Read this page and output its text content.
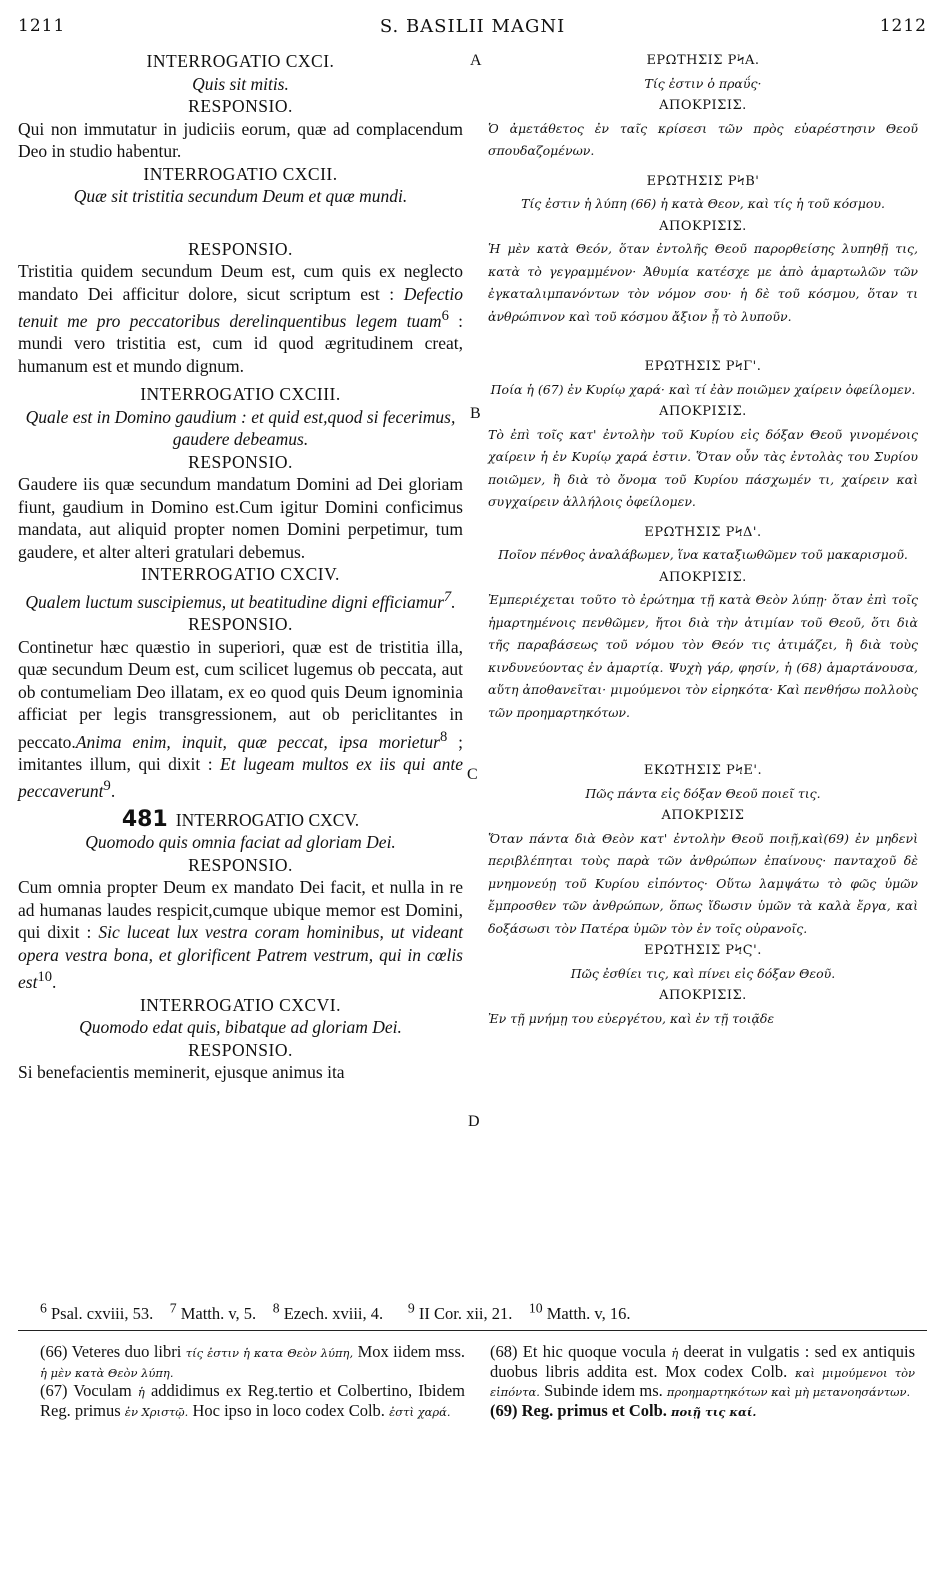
1211	S. BASILII MAGNI	1212
A
B
C
D

INTERROGATIO CXCI.

Quis sit mitis.

RESPONSIO.

Qui non immutatur in judiciis eorum, quæ ad complacendum Deo in studio habentur.

INTERROGATIO CXCII.

Quæ sit tristitia secundum Deum et quæ mundi.

RESPONSIO.

Tristitia quidem secundum Deum est, cum quis ex neglecto mandato Dei afficitur dolore, sicut scriptum est : Defectio tenuit me pro peccatoribus derelinquentibus legem tuam$^6$ : mundi vero tristitia est, cum id quod ægritudinem creat, humanum est et mundo dignum.

INTERROGATIO CXCIII.

Quale est in Domino gaudium : et quid est,quod si fecerimus, gaudere debeamus.

RESPONSIO.

Gaudere iis quæ secundum mandatum Domini ad Dei gloriam fiunt, gaudium in Domino est.Cum igitur Domini conficimus mandata, aut aliquid propter nomen Domini perpetimur, tum gaudere, et alter alteri gratulari debemus.

INTERROGATIO CXCIV.

Qualem luctum suscipiemus, ut beatitudine digni efficiamur$^7$.

RESPONSIO.

Continetur hæc quæstio in superiori, quæ est de tristitia illa, quæ secundum Deum est, cum scilicet lugemus ob peccata, aut ob contumeliam Deo illatam, ex eo quod quis Deum ignominia afficiat per legis transgressionem, aut ob periclitantes in peccato.Anima enim, inquit, quæ peccat, ipsa morietur$^8$ ; imitantes illum, qui dixit : Et lugeam multos ex iis qui ante peccaverunt$^9$.

481 INTERROGATIO CXCV.

Quomodo quis omnia faciat ad gloriam Dei.

RESPONSIO.

Cum omnia propter Deum ex mandato Dei facit, et nulla in re ad humanas laudes respicit,cumque ubique memor est Domini, qui dixit : Sic luceat lux vestra coram hominibus, ut videant opera vestra bona, et glorificent Patrem vestrum, qui in cœlis est$^{10}$.

INTERROGATIO CXCVI.

Quomodo edat quis, bibatque ad gloriam Dei.

RESPONSIO.

Si benefacientis meminerit, ejusque animus ita

ΕΡΩΤΗΣΙΣ ΡϞΑ.

Τίς ἐστιν ὁ πραΰς·

ΑΠΟΚΡΙΣΙΣ.

Ὁ ἀμετάθετος ἐν ταῖς κρίσεσι τῶν πρὸς εὐαρέστησιν Θεοῦ σπουδαζομένων.

ΕΡΩΤΗΣΙΣ ΡϞΒ'

Τίς ἐστιν ἡ λύπη (66) ἡ κατὰ Θεον, καὶ τίς ἡ τοῦ κόσμου.

ΑΠΟΚΡΙΣΙΣ.

Ἡ μὲν κατὰ Θεόν, ὅταν ἐντολῆς Θεοῦ παρορθείσης λυπηθῇ τις, κατὰ τὸ γεγραμμένον· Ἀθυμία κατέσχε με ἀπὸ ἁμαρτωλῶν τῶν ἐγκαταλιμπανόντων τὸν νόμον σου· ἡ δὲ τοῦ κόσμου, ὅταν τι ἀνθρώπινον καὶ τοῦ κόσμου ἄξιον ᾖ τὸ λυποῦν.

ΕΡΩΤΗΣΙΣ ΡϞΓ'.

Ποία ἡ (67) ἐν Κυρίῳ χαρά· καὶ τί ἐὰν ποιῶμεν χαίρειν ὀφείλομεν.

ΑΠΟΚΡΙΣΙΣ.

Τὸ ἐπὶ τοῖς κατ' ἐντολὴν τοῦ Κυρίου εἰς δόξαν Θεοῦ γινομένοις χαίρειν ἡ ἐν Κυρίῳ χαρά ἐστιν. Ὅταν οὖν τὰς ἐντολὰς του Συρίου ποιῶμεν, ἢ διὰ τὸ ὄνομα τοῦ Κυρίου πάσχωμέν τι, χαίρειν καὶ συγχαίρειν ἀλλήλοις ὀφείλομεν.

ΕΡΩΤΗΣΙΣ ΡϞΔ'.

Ποῖον πένθος ἀναλάβωμεν, ἵνα καταξιωθῶμεν τοῦ μακαρισμοῦ.

ΑΠΟΚΡΙΣΙΣ.

Ἐμπεριέχεται τοῦτο τὸ ἐρώτημα τῇ κατὰ Θεὸν λύπῃ· ὅταν ἐπὶ τοῖς ἡμαρτημένοις πενθῶμεν, ἤτοι διὰ τὴν ἀτιμίαν τοῦ Θεοῦ, ὅτι διὰ τῆς παραβάσεως τοῦ νόμου τὸν Θεόν τις ἀτιμάζει, ἢ διὰ τοὺς κινδυνεύοντας ἐν ἁμαρτίᾳ. Ψυχὴ γάρ, φησίν, ἡ (68) ἁμαρτάνουσα, αὕτη ἀποθανεῖται· μιμούμενοι τὸν εἰρηκότα· Καὶ πενθήσω πολλοὺς τῶν προημαρτηκότων.

ΕΚΩΤΗΣΙΣ ΡϞΕ'.

Πῶς πάντα εἰς δόξαν Θεοῦ ποιεῖ τις.

ΑΠΟΚΡΙΣΙΣ

Ὅταν πάντα διὰ Θεὸν κατ' ἐντολὴν Θεοῦ ποιῇ,καὶ(69) ἐν μηδενὶ περιβλέπηται τοὺς παρὰ τῶν ἀνθρώπων ἐπαίνους· πανταχοῦ δὲ μνημονεύῃ τοῦ Κυρίου εἰπόντος· Οὕτω λαμψάτω τὸ φῶς ὑμῶν ἔμπροσθεν τῶν ἀνθρώπων, ὅπως ἴδωσιν ὑμῶν τὰ καλὰ ἔργα, καὶ δοξάσωσι τὸν Πατέρα ὑμῶν τὸν ἐν τοῖς οὐρανοῖς.

ΕΡΩΤΗΣΙΣ ΡϞϚ'.

Πῶς ἐσθίει τις, καὶ πίνει εἰς δόξαν Θεοῦ.

ΑΠΟΚΡΙΣΙΣ.

Ἐν τῇ μνήμῃ του εὐεργέτου, καὶ ἐν τῇ τοιᾷδε

$^6$ Psal. cxviii, 53. $^7$ Matth. v, 5. $^8$ Ezech. xviii, 4. $^9$ II Cor. xii, 21. $^{10}$ Matth. v, 16.

(66) Veteres duo libri τίς ἐστιν ἡ κατα Θεὸν λύπη, Mox iidem mss. ἡ μὲν κατὰ Θεὸν λύπη.

(67) Voculam ἡ addidimus ex Reg.tertio et Colbertino, Ibidem Reg. primus ἐν Χριστῷ. Hoc ipso in loco codex Colb. ἐστὶ χαρά.

(68) Et hic quoque vocula ἡ deerat in vulgatis : sed ex antiquis duobus libris addita est. Mox codex Colb. καὶ μιμούμενοι τὸν εἰπόντα. Subinde idem ms. προημαρτηκότων καὶ μὴ μετανοησάντων.

(69) Reg. primus et Colb. ποιῇ τις καί.
